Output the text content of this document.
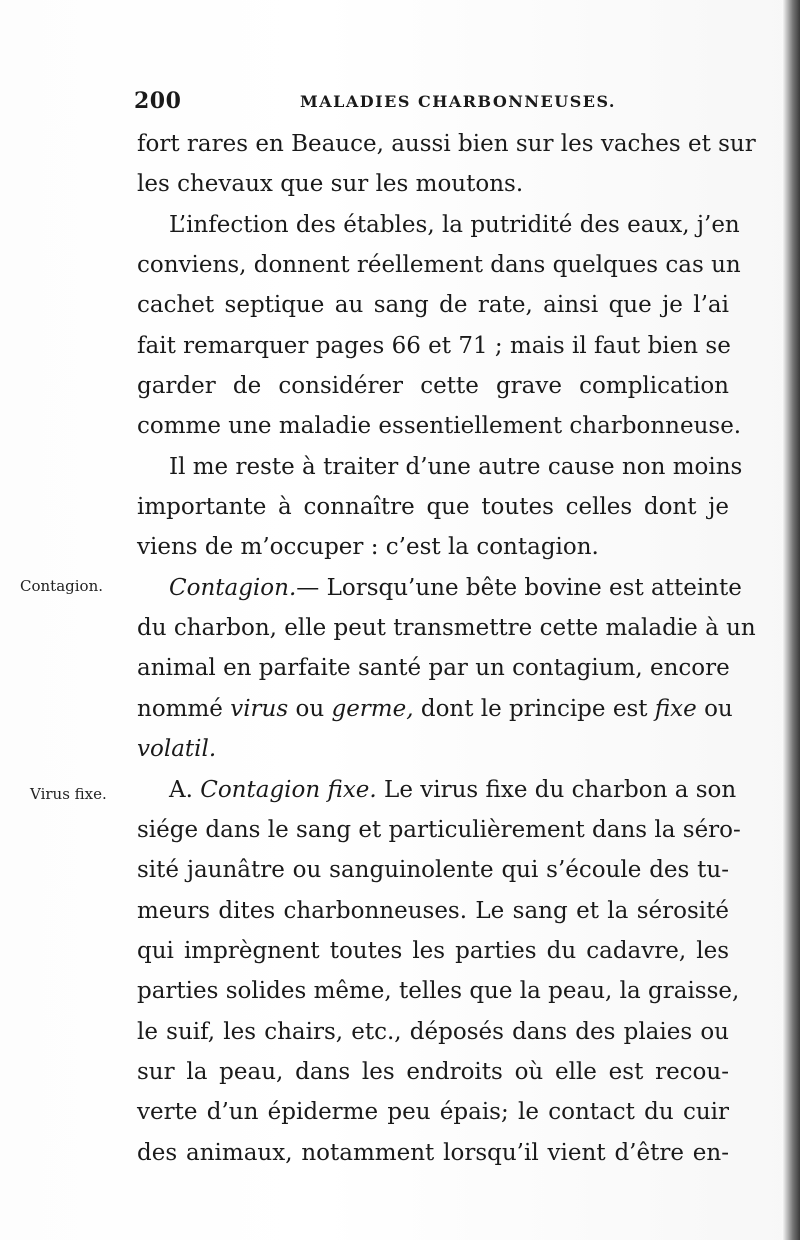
200	MALADIES CHARBONNEUSES.
Contagion.
Virus fixe.
fort rares en Beauce, aussi bien sur les vaches et sur
les chevaux que sur les moutons.
L’infection des étables, la putridité des eaux, j’en
conviens, donnent réellement dans quelques cas un
cachet septique au sang de rate, ainsi que je l’ai
fait remarquer pages 66 et 71 ; mais il faut bien se
garder de considérer cette grave complication
comme une maladie essentiellement charbonneuse.
Il me reste à traiter d’une autre cause non moins
importante à connaître que toutes celles dont je
viens de m’occuper : c’est la contagion.
Contagion.— Lorsqu’une bête bovine est atteinte
du charbon, elle peut transmettre cette maladie à un
animal en parfaite santé par un contagium, encore
nommé virus ou germe, dont le principe est fixe ou
volatil.
A. Contagion fixe. Le virus fixe du charbon a son
siége dans le sang et particulièrement dans la séro-
sité jaunâtre ou sanguinolente qui s’écoule des tu-
meurs dites charbonneuses. Le sang et la sérosité
qui imprègnent toutes les parties du cadavre, les
parties solides même, telles que la peau, la graisse,
le suif, les chairs, etc., déposés dans des plaies ou
sur la peau, dans les endroits où elle est recou-
verte d’un épiderme peu épais; le contact du cuir
des animaux, notamment lorsqu’il vient d’être en-
